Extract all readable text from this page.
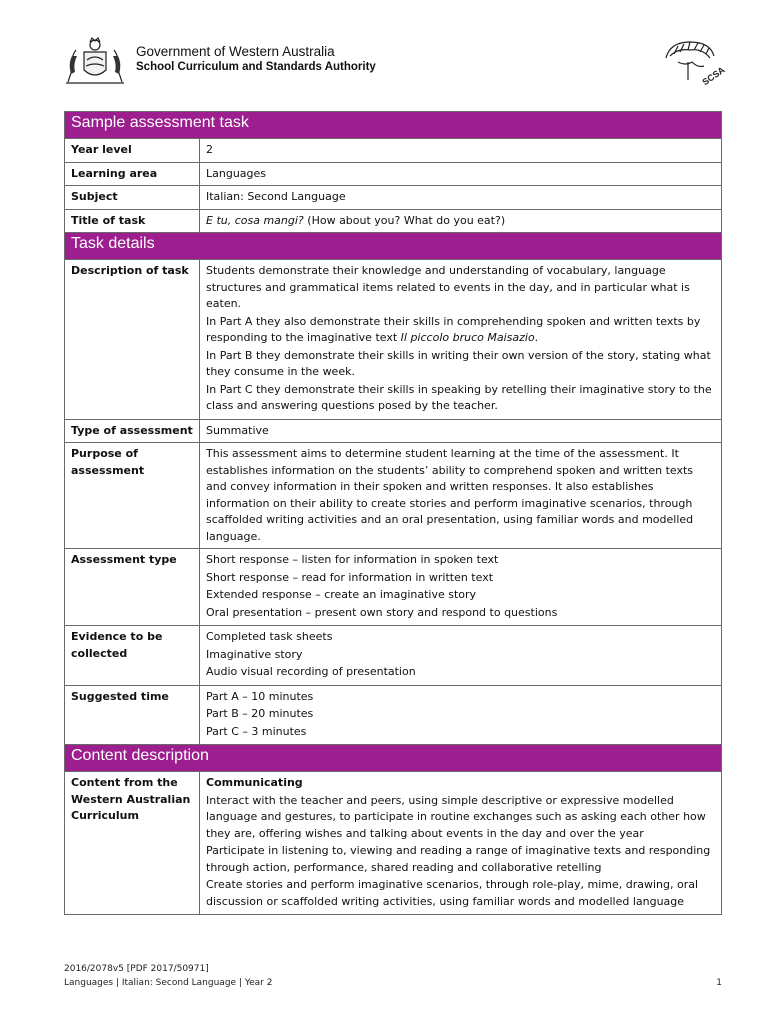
Government of Western Australia
School Curriculum and Standards Authority	SCSA
Sample assessment task	
Year level	2
Learning area	Languages
Subject	Italian: Second Language
Title of task	E tu, cosa mangi? (How about you? What do you eat?)
Task details	
Description of task	Students demonstrate their knowledge and understanding of vocabulary, language structures and grammatical items related to events in the day, and in particular what is eaten.
In Part A they also demonstrate their skills in comprehending spoken and written texts by responding to the imaginative text Il piccolo bruco Maisazio.
In Part B they demonstrate their skills in writing their own version of the story, stating what they consume in the week.
In Part C they demonstrate their skills in speaking by retelling their imaginative story to the class and answering questions posed by the teacher.

Type of assessment	Summative
Purpose of assessment	This assessment aims to determine student learning at the time of the assessment. It establishes information on the students’ ability to comprehend spoken and written texts and convey information in their spoken and written responses. It also establishes information on their ability to create stories and perform imaginative scenarios, through scaffolded writing activities and an oral presentation, using familiar words and modelled language.
Assessment type	Short response – listen for information in spoken text
Short response – read for information in written text
Extended response – create an imaginative story
Oral presentation – present own story and respond to questions

Evidence to be collected	Completed task sheets
Imaginative story
Audio visual recording of presentation

Suggested time	Part A – 10 minutes
Part B – 20 minutes
Part C – 3 minutes

Content description	
Content from the Western Australian Curriculum	Communicating
Interact with the teacher and peers, using simple descriptive or expressive modelled language and gestures, to participate in routine exchanges such as asking each other how they are, offering wishes and talking about events in the day and over the year
Participate in listening to, viewing and reading a range of imaginative texts and responding through action, performance, shared reading and collaborative retelling
Create stories and perform imaginative scenarios, through role-play, mime, drawing, oral discussion or scaffolded writing activities, using familiar words and modelled language
2016/2078v5 [PDF 2017/50971]
Languages | Italian: Second Language | Year 2	1
